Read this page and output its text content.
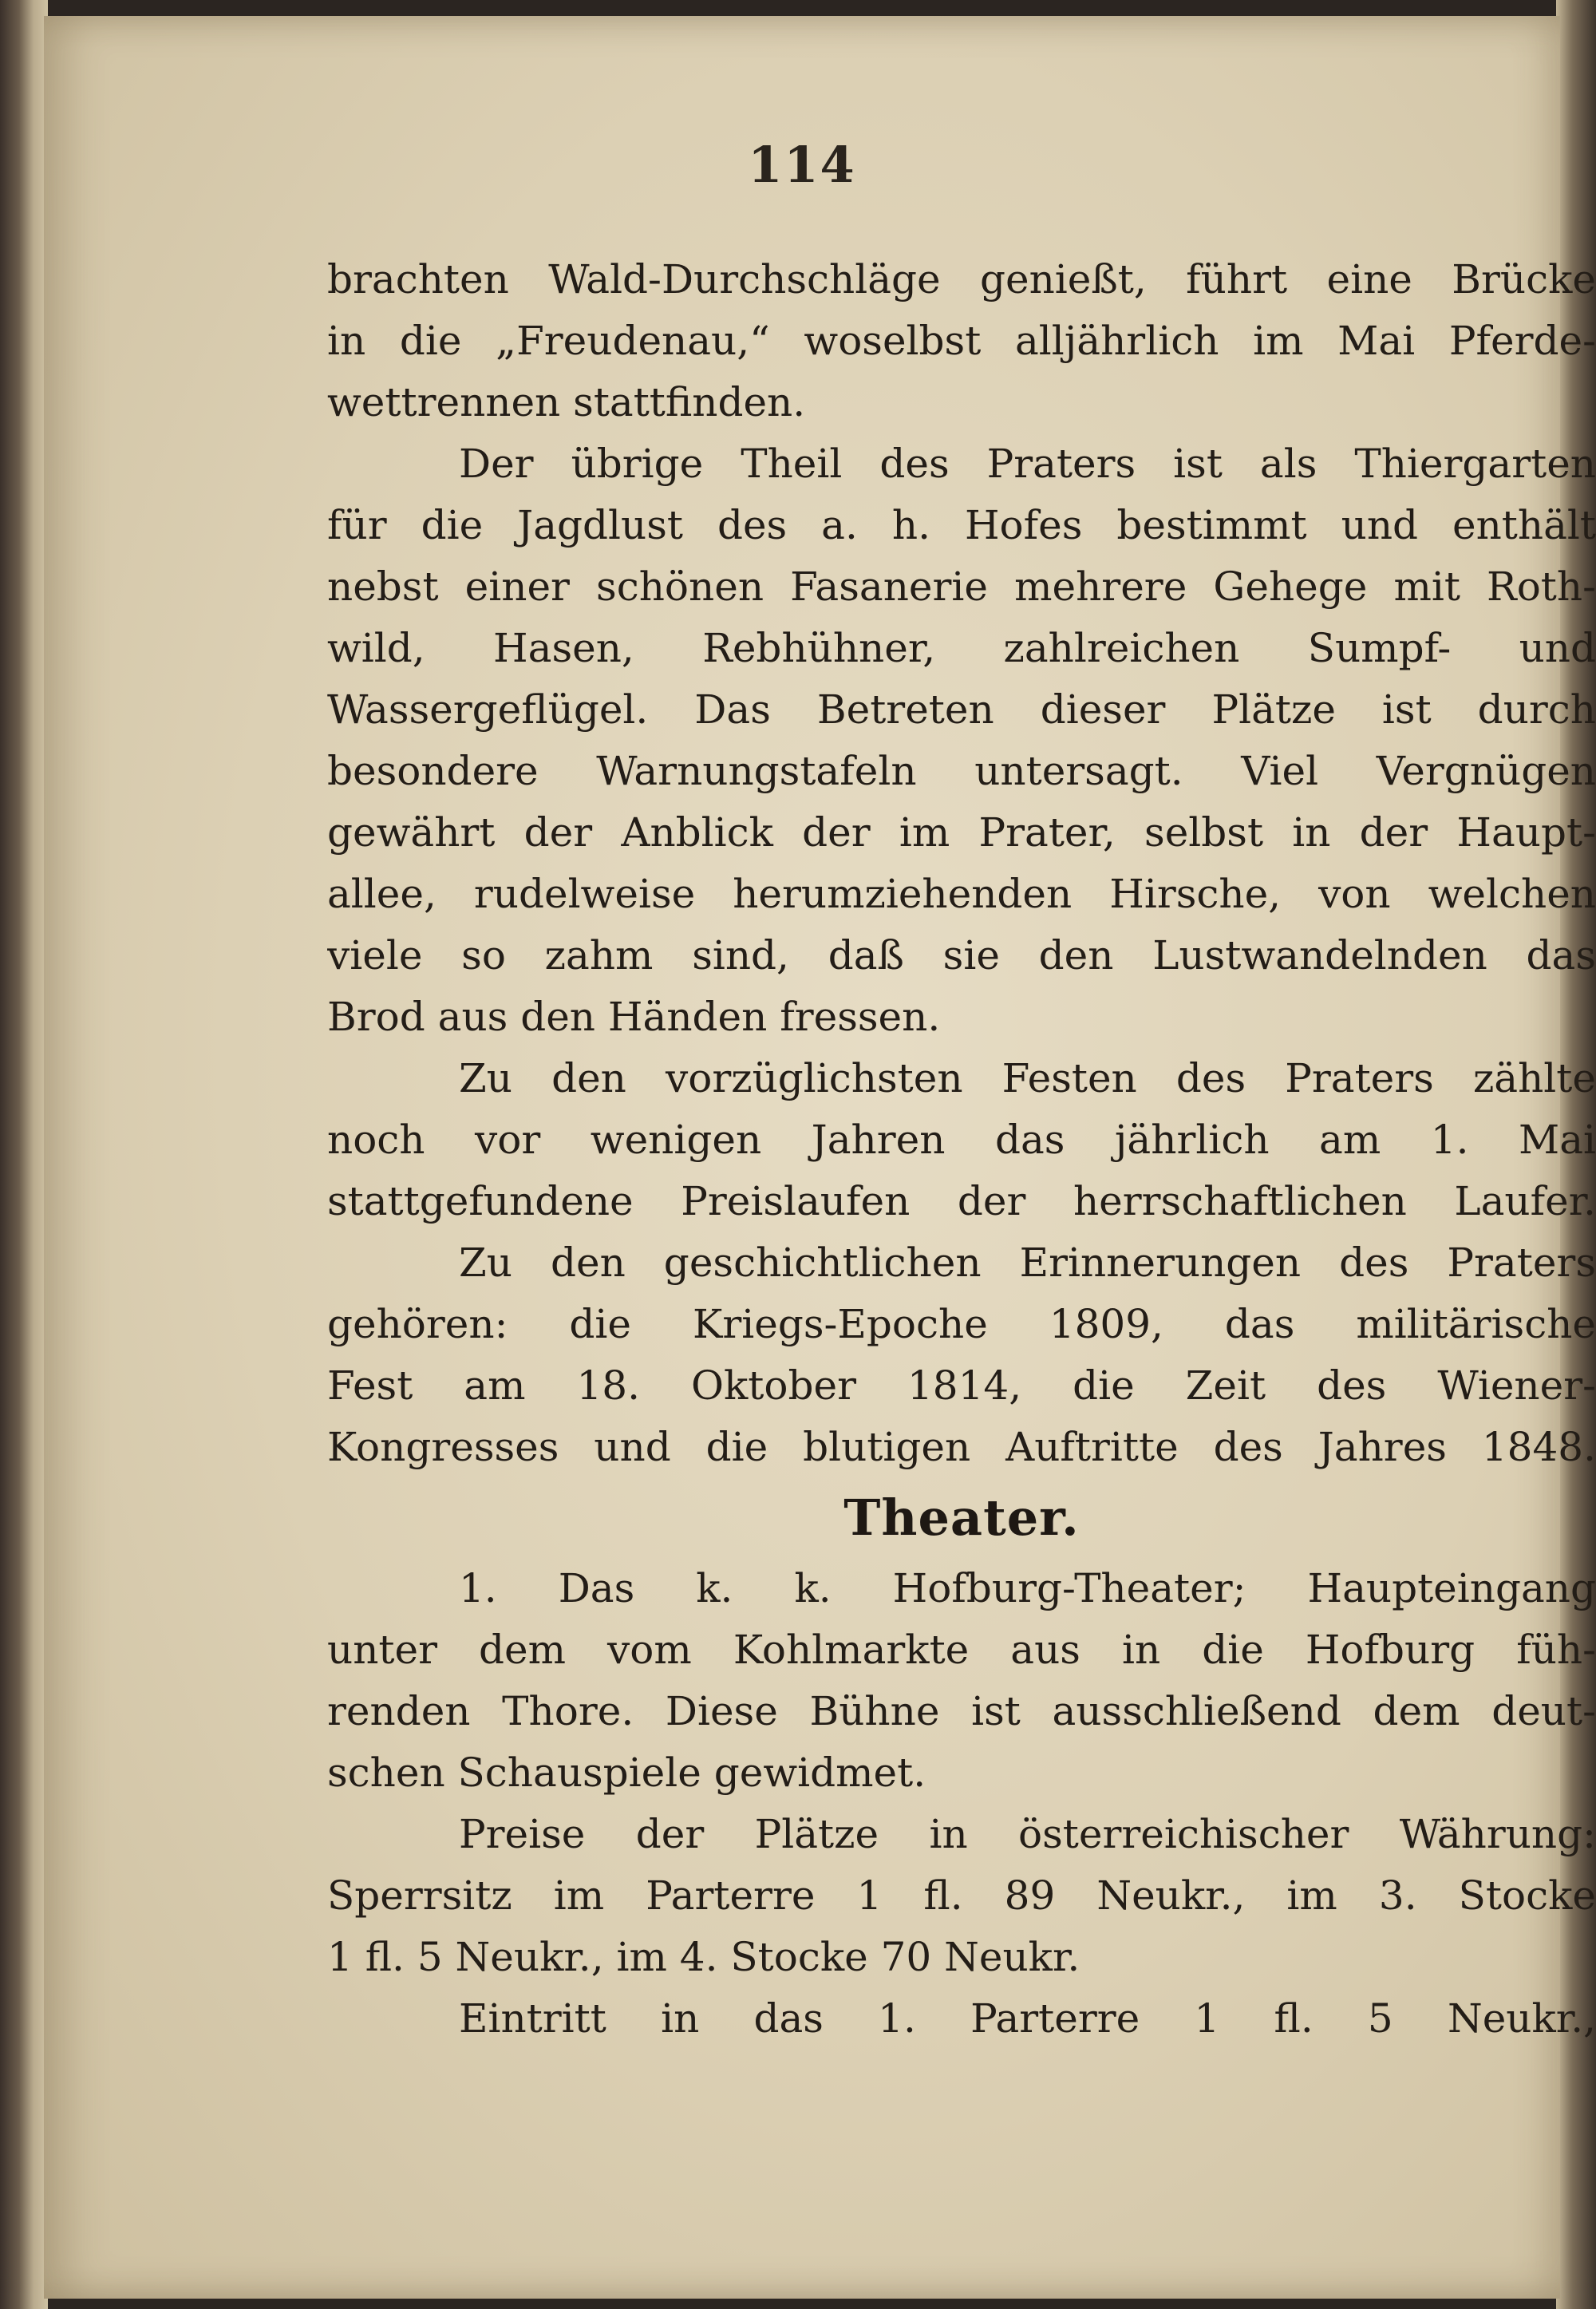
114
brachten Wald-Durchschläge genießt, führt eine Brücke
in die „Freudenau,“ woselbst alljährlich im Mai Pferde-
wettrennen stattfinden.
Der übrige Theil des Praters ist als Thiergarten
für die Jagdlust des a. h. Hofes bestimmt und enthält
nebst einer schönen Fasanerie mehrere Gehege mit Roth-
wild, Hasen, Rebhühner, zahlreichen Sumpf- und
Wassergeflügel. Das Betreten dieser Plätze ist durch
besondere Warnungstafeln untersagt. Viel Vergnügen
gewährt der Anblick der im Prater, selbst in der Haupt-
allee, rudelweise herumziehenden Hirsche, von welchen
viele so zahm sind, daß sie den Lustwandelnden das
Brod aus den Händen fressen.
Zu den vorzüglichsten Festen des Praters zählte
noch vor wenigen Jahren das jährlich am 1. Mai
stattgefundene Preislaufen der herrschaftlichen Laufer.
Zu den geschichtlichen Erinnerungen des Praters
gehören: die Kriegs-Epoche 1809, das militärische
Fest am 18. Oktober 1814, die Zeit des Wiener-
Kongresses und die blutigen Auftritte des Jahres 1848.
Theater.
1. Das k. k. Hofburg-Theater; Haupteingang
unter dem vom Kohlmarkte aus in die Hofburg füh-
renden Thore. Diese Bühne ist ausschließend dem deut-
schen Schauspiele gewidmet.
Preise der Plätze in österreichischer Währung:
Sperrsitz im Parterre 1 fl. 89 Neukr., im 3. Stocke
1 fl. 5 Neukr., im 4. Stocke 70 Neukr.
Eintritt in das 1. Parterre 1 fl. 5 Neukr.,
